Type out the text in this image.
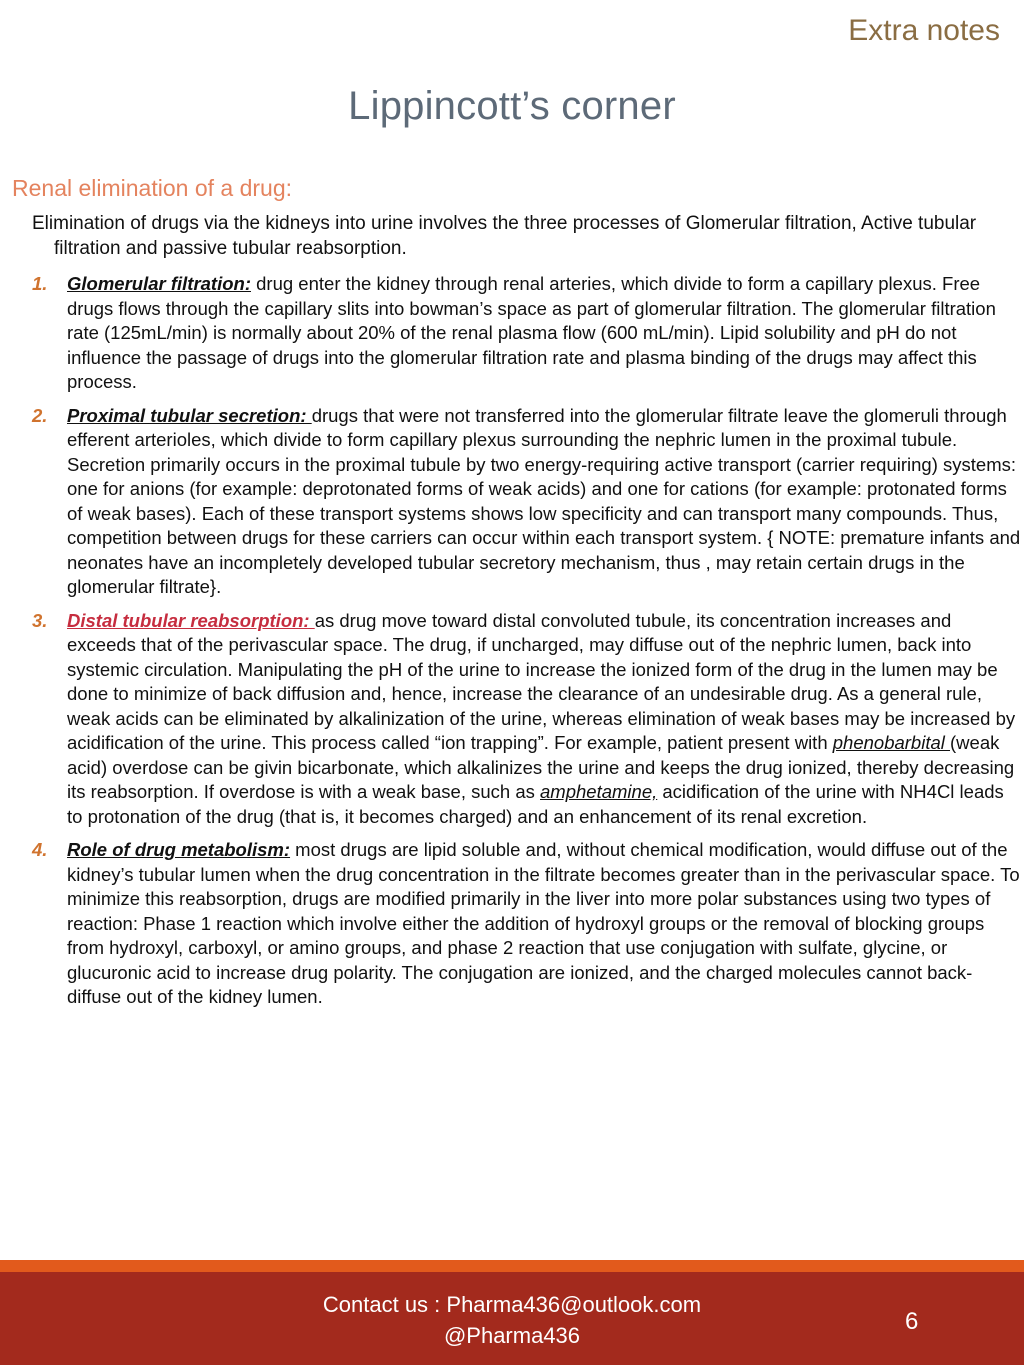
Extra notes
Lippincott’s corner
Renal elimination of a drug:

Elimination of drugs via the kidneys into urine involves the three processes of Glomerular filtration, Active tubular filtration and passive tubular reabsorption.

1. Glomerular filtration: drug enter the kidney through renal arteries, which divide to form a capillary plexus. Free drugs flows through the capillary slits into bowman’s space as part of glomerular filtration. The glomerular filtration rate (125mL/min) is normally about 20% of the renal plasma flow (600 mL/min). Lipid solubility and pH do not influence the passage of drugs into the glomerular filtration rate and plasma binding of the drugs may affect this process.
2. Proximal tubular secretion: drugs that were not transferred into the glomerular filtrate leave the glomeruli through efferent arterioles, which divide to form capillary plexus surrounding the nephric lumen in the proximal tubule. Secretion primarily occurs in the proximal tubule by two energy-requiring active transport (carrier requiring) systems: one for anions (for example: deprotonated forms of weak acids) and one for cations (for example: protonated forms of weak bases). Each of these transport systems shows low specificity and can transport many compounds. Thus, competition between drugs for these carriers can occur within each transport system. { NOTE: premature infants and neonates have an incompletely developed tubular secretory mechanism, thus , may retain certain drugs in the glomerular filtrate}.
3. Distal tubular reabsorption: as drug move toward distal convoluted tubule, its concentration increases and exceeds that of the perivascular space. The drug, if uncharged, may diffuse out of the nephric lumen, back into systemic circulation. Manipulating the pH of the urine to increase the ionized form of the drug in the lumen may be done to minimize of back diffusion and, hence, increase the clearance of an undesirable drug. As a general rule, weak acids can be eliminated by alkalinization of the urine, whereas elimination of weak bases may be increased by acidification of the urine. This process called “ion trapping”. For example, patient present with phenobarbital (weak acid) overdose can be givin bicarbonate, which alkalinizes the urine and keeps the drug ionized, thereby decreasing its reabsorption. If overdose is with a weak base, such as amphetamine, acidification of the urine with NH4Cl leads to protonation of the drug (that is, it becomes charged) and an enhancement of its renal excretion.
4. Role of drug metabolism: most drugs are lipid soluble and, without chemical modification, would diffuse out of the kidney’s tubular lumen when the drug concentration in the filtrate becomes greater than in the perivascular space. To minimize this reabsorption, drugs are modified primarily in the liver into more polar substances using two types of reaction: Phase 1 reaction which involve either the addition of hydroxyl groups or the removal of blocking groups from hydroxyl, carboxyl, or amino groups, and phase 2 reaction that use conjugation with sulfate, glycine, or glucuronic acid to increase drug polarity. The conjugation are ionized, and the charged molecules cannot back-diffuse out of the kidney lumen.
Contact us : Pharma436@outlook.com
@Pharma436
6
